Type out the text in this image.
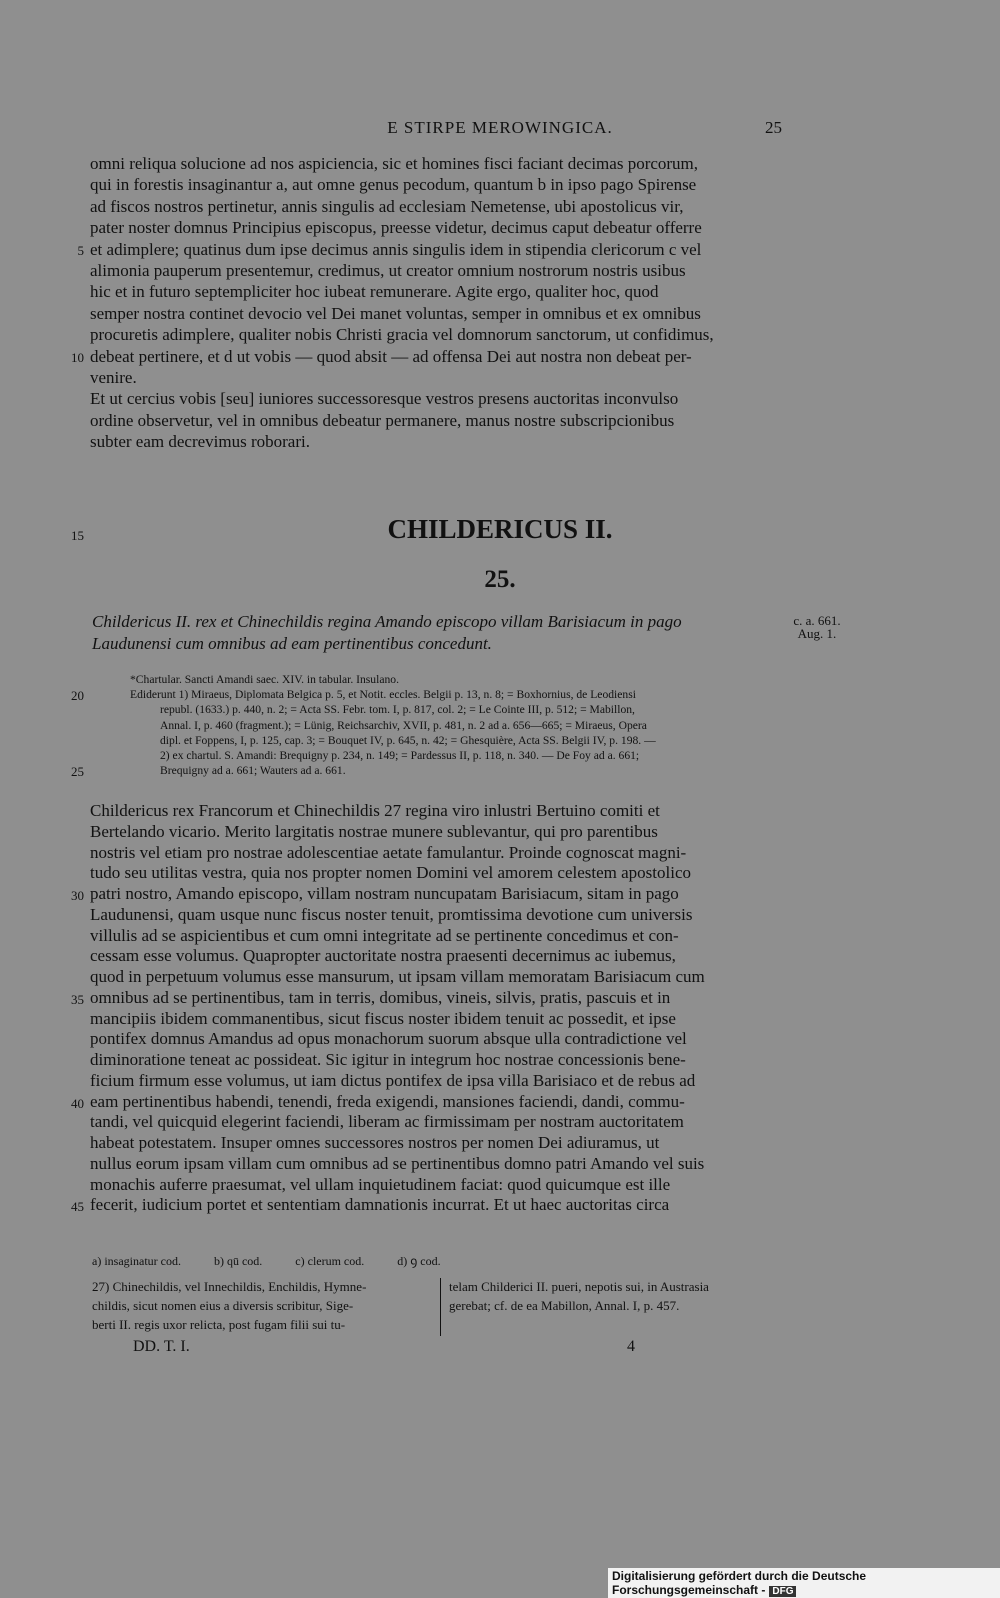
E STIRPE MEROWINGICA.	25
omni reliqua solucione ad nos aspicienciа, sic et homines fisci faciant decimas porcorum,
qui in forestis insaginantur a, aut omne genus pecodum, quantum b in ipso pago Spirense
ad fiscos nostros pertinetur, annis singulis ad ecclesiam Nemetense, ubi apostolicus vir,
pater noster domnus Principius episcopus, preesse videtur, decimus caput debeatur offerre
et adimplere; quatinus dum ipse decimus annis singulis idem in stipendia clericorum c vel
5
alimonia pauperum presentemur, credimus, ut creator omnium nostrorum nostris usibus
hic et in futuro septempliciter hoc iubeat remunerare. Agite ergo, qualiter hoc, quod
semper nostra continet devocio vel Dei manet voluntas, semper in omnibus et ex omnibus
procuretis adimplere, qualiter nobis Christi gracia vel domnorum sanctorum, ut confidimus,
debeat pertinere, et d ut vobis — quod absit — ad offensa Dei aut nostra non debeat per-
10
venire.
Et ut cercius vobis [seu] iuniores successoresque vestros presens auctoritas inconvulso
ordine observetur, vel in omnibus debeatur permanere, manus nostre subscripcionibus
subter eam decrevimus roborari.
15	CHILDERICUS II.
25.
Childericus II. rex et Chinechildis regina Amando episcopo villam Barisiacum in pago
Laudunensi cum omnibus ad eam pertinentibus concedunt.
c. a. 661.
Aug. 1.
*Chartular. Sancti Amandi saec. XIV. in tabular. Insulano.
Ediderunt 1) Miraeus, Diplomata Belgica p. 5, et Notit. eccles. Belgii p. 13, n. 8; = Boxhornius, de Leodiensi
20
republ. (1633.) p. 440, n. 2; = Acta SS. Febr. tom. I, p. 817, col. 2; = Le Cointe III, p. 512; = Mabillon,
Annal. I, p. 460 (fragment.); = Lünig, Reichsarchiv, XVII, p. 481, n. 2 ad a. 656—665; = Miraeus, Opera
dipl. et Foppens, I, p. 125, cap. 3; = Bouquet IV, p. 645, n. 42; = Ghesquière, Acta SS. Belgii IV, p. 198. —
2) ex chartul. S. Amandi: Brequigny p. 234, n. 149; = Pardessus II, p. 118, n. 340. — De Foy ad a. 661;
Brequigny ad a. 661; Wauters ad a. 661.
25
Childericus rex Francorum et Chinechildis 27 regina viro inlustri Bertuino comiti et
Bertelando vicario. Merito largitatis nostrae munere sublevantur, qui pro parentibus
nostris vel etiam pro nostrae adolescentiae aetate famulantur. Proinde cognoscat magni-
tudo seu utilitas vestra, quia nos propter nomen Domini vel amorem celestem apostolico
patri nostro, Amando episcopo, villam nostram nuncupatam Barisiacum, sitam in pago
30
Laudunensi, quam usque nunc fiscus noster tenuit, promtissima devotione cum universis
villulis ad se aspicientibus et cum omni integritate ad se pertinente concedimus et con-
cessam esse volumus. Quapropter auctoritate nostra praesenti decernimus ac iubemus,
quod in perpetuum volumus esse mansurum, ut ipsam villam memoratam Barisiacum cum
omnibus ad se pertinentibus, tam in terris, domibus, vineis, silvis, pratis, pascuis et in
35
mancipiis ibidem commanentibus, sicut fiscus noster ibidem tenuit ac possedit, et ipse
pontifex domnus Amandus ad opus monachorum suorum absque ulla contradictione vel
diminoratione teneat ac possideat. Sic igitur in integrum hoc nostrae concessionis bene-
ficium firmum esse volumus, ut iam dictus pontifex de ipsa villa Barisiaco et de rebus ad
eam pertinentibus habendi, tenendi, freda exigendi, mansiones faciendi, dandi, commu-
40
tandi, vel quicquid elegerint faciendi, liberam ac firmissimam per nostram auctoritatem
habeat potestatem. Insuper omnes successores nostros per nomen Dei adiuramus, ut
nullus eorum ipsam villam cum omnibus ad se pertinentibus domno patri Amando vel suis
monachis auferre praesumat, vel ullam inquietudinem faciat: quod quicumque est ille
fecerit, iudicium portet et sententiam damnationis incurrat. Et ut haec auctoritas circa
45
a) insaginatur cod.	b) qū cod.	c) clerum cod.	d) ꝯ cod.
27) Chinechildis, vel Innechildis, Enchildis, Hymne-
childis, sicut nomen eius a diversis scribitur, Sige-
berti II. regis uxor relicta, post fugam filii sui tu-
telam Childerici II. pueri, nepotis sui, in Austrasia
gerebat; cf. de ea Mabillon, Annal. I, p. 457.
DD. T. I.	4
Digitalisierung gefördert durch die Deutsche Forschungsgemeinschaft - DFG
